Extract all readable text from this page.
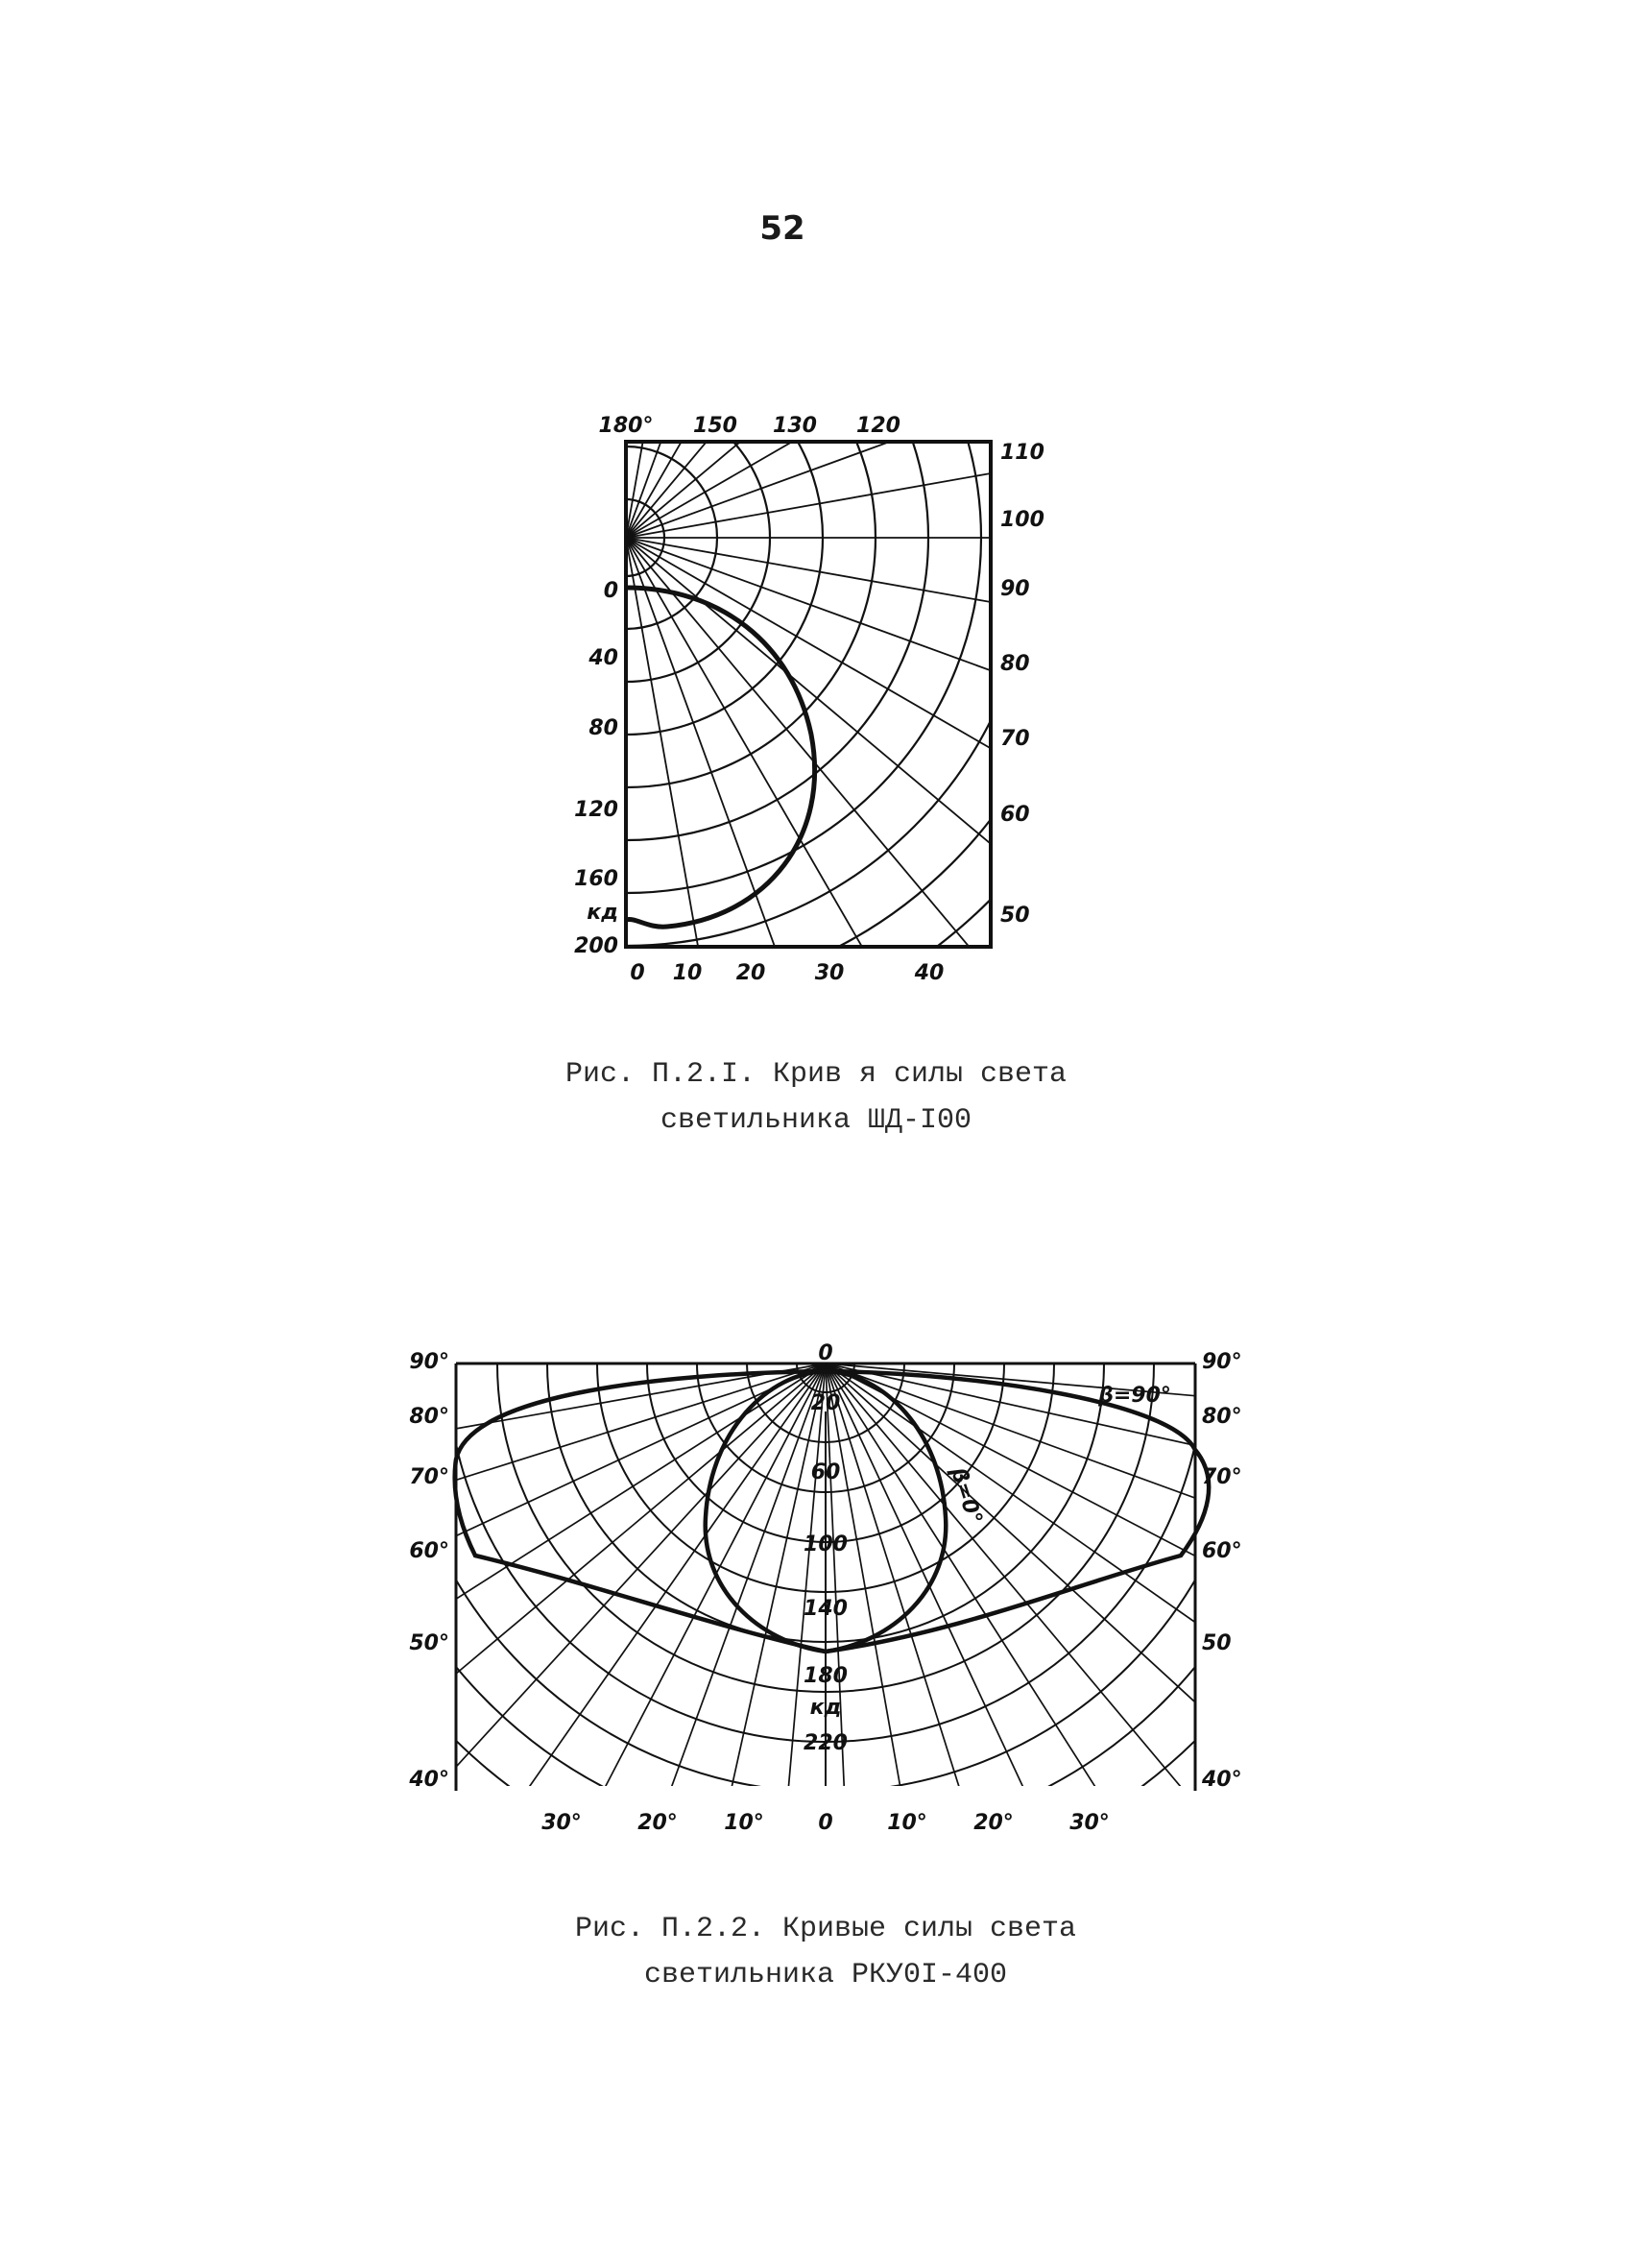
52
180° 150 130 120
110
100
90
80
70
60
50
0
40
80
120
160
кд
200
0 10 20 30	40
Рис. П.2.I. Крив я силы света
светильника ШД-I00
0
20
60
100
140
180
кд
220
90°
80°
70°
60°
50°
40°
90°
80°
70°
60°
50
40°
30°	20° 10°	0	10° 20°	30°
β=90°
β=0°
Рис. П.2.2. Кривые силы света
светильника РКУ0I-400
